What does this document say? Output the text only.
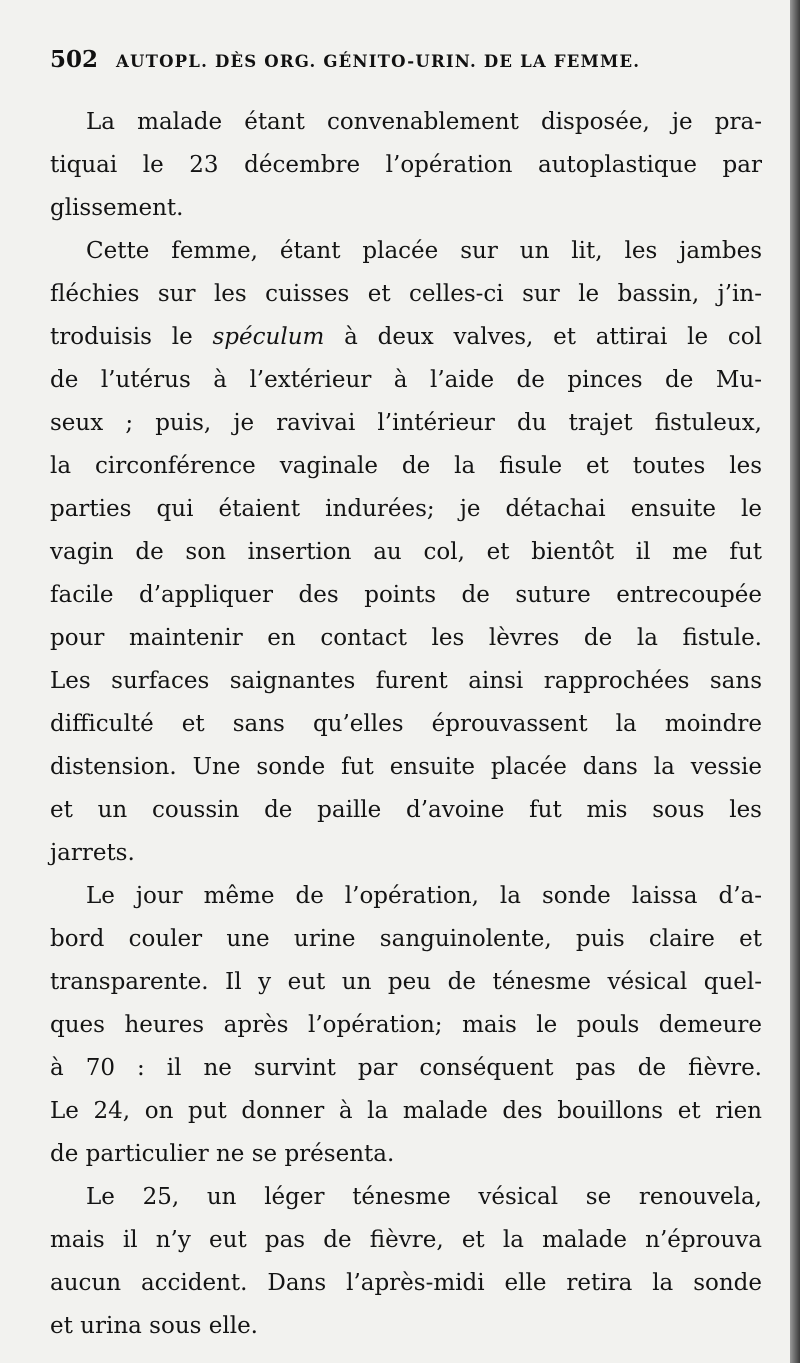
502 AUTOPL. DÈS ORG. GÉNITO-URIN. DE LA FEMME.
La malade étant convenablement disposée, je pra-
tiquai le 23 décembre l’opération autoplastique par
glissement.
Cette femme, étant placée sur un lit, les jambes
fléchies sur les cuisses et celles-ci sur le bassin, j’in-
troduisis le spéculum à deux valves, et attirai le col
de l’utérus à l’extérieur à l’aide de pinces de Mu-
seux ; puis, je ravivai l’intérieur du trajet fistuleux,
la circonférence vaginale de la fisule et toutes les
parties qui étaient indurées; je détachai ensuite le
vagin de son insertion au col, et bientôt il me fut
facile d’appliquer des points de suture entrecoupée
pour maintenir en contact les lèvres de la fistule.
Les surfaces saignantes furent ainsi rapprochées sans
difficulté et sans qu’elles éprouvassent la moindre
distension. Une sonde fut ensuite placée dans la vessie
et un coussin de paille d’avoine fut mis sous les
jarrets.
Le jour même de l’opération, la sonde laissa d’a-
bord couler une urine sanguinolente, puis claire et
transparente. Il y eut un peu de ténesme vésical quel-
ques heures après l’opération; mais le pouls demeure
à 70 : il ne survint par conséquent pas de fièvre.
Le 24, on put donner à la malade des bouillons et rien
de particulier ne se présenta.
Le 25, un léger ténesme vésical se renouvela,
mais il n’y eut pas de fièvre, et la malade n’éprouva
aucun accident. Dans l’après-midi elle retira la sonde
et urina sous elle.
